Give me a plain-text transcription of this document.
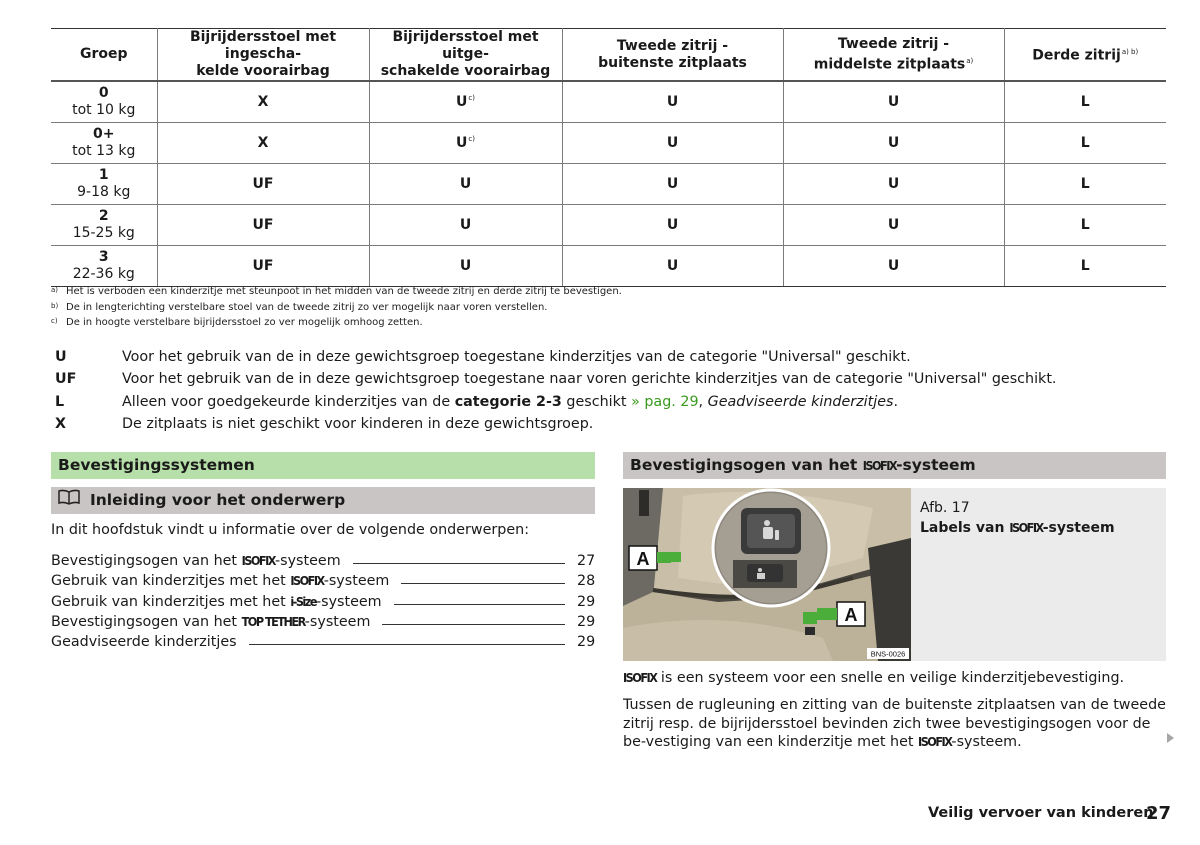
Groep	Bijrijdersstoel met ingescha-
kelde voorairbag	Bijrijdersstoel met uitge-
schakelde voorairbag	Tweede zitrij -
buitenste zitplaats	Tweede zitrij -
middelste zitplaats$^{a)}$	Derde zitrij$^{a) b)}$

0
tot 10 kg	X	$U^{c)}$	U	U	L

0+
tot 13 kg	X	$U^{c)}$	U	U	L

1
9-18 kg	UF	U	U	U	L

2
15-25 kg	UF	U	U	U	L

3
22-36 kg	UF	U	U	U	L
a) Het is verboden een kinderzitje met steunpoot in het midden van de tweede zitrij en derde zitrij te bevestigen.
b) De in lengterichting verstelbare stoel van de tweede zitrij zo ver mogelijk naar voren verstellen.
c) De in hoogte verstelbare bijrijdersstoel zo ver mogelijk omhoog zetten.
U	Voor het gebruik van de in deze gewichtsgroep toegestane kinderzitjes van de categorie "Universal" geschikt.
UF	Voor het gebruik van de in deze gewichtsgroep toegestane naar voren gerichte kinderzitjes van de categorie "Universal" geschikt.
L	Alleen voor goedgekeurde kinderzitjes van de categorie 2-3 geschikt » pag. 29, Geadviseerde kinderzitjes.
X	De zitplaats is niet geschikt voor kinderen in deze gewichtsgroep.
Bevestigingssystemen
Inleiding voor het onderwerp
In dit hoofdstuk vindt u informatie over de volgende onderwerpen:
Bevestigingsogen van het ISOFIX-systeem	27
Gebruik van kinderzitjes met het ISOFIX-systeem	28
Gebruik van kinderzitjes met het i-Size-systeem	29
Bevestigingsogen van het TOP TETHER-systeem	29
Geadviseerde kinderzitjes	29
Bevestigingsogen van het ISOFIX-systeem
A
A
BNS-0026
Afb. 17
Labels van ISOFIX-systeem
ISOFIX is een systeem voor een snelle en veilige kinderzitjebevestiging.
Tussen de rugleuning en zitting van de buitenste zitplaatsen van de tweede zitrij resp. de bijrijdersstoel bevinden zich twee bevestigingsogen voor de be-vestiging van een kinderzitje met het ISOFIX-systeem.
Veilig vervoer van kinderen
27
